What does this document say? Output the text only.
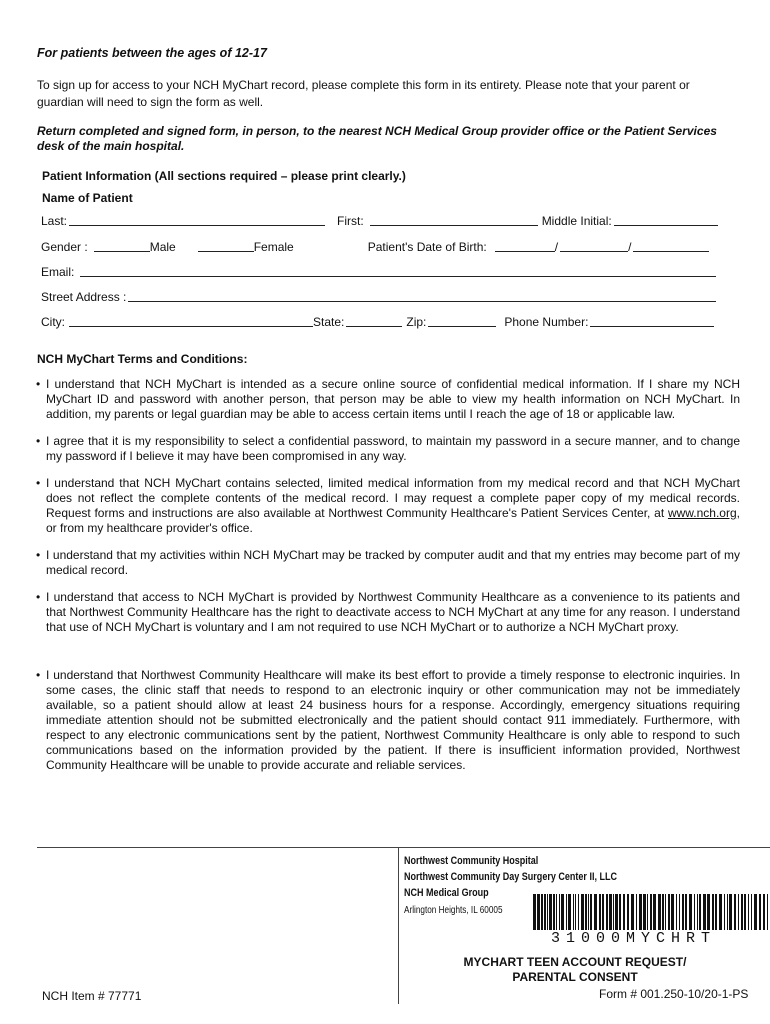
For patients between the ages of 12-17
To sign up for access to your NCH MyChart record, please complete this form in its entirety. Please note that your parent or guardian will need to sign the form as well.
Return completed and signed form, in person, to the nearest NCH Medical Group provider office or the Patient Services desk of the main hospital.
Patient Information (All sections required – please print clearly.)
Name of Patient
Last:	First:	Middle Initial:
Gender :	Male	Female	Patient's Date of Birth:	/	/
Email:
Street Address :
City:	State:	Zip:	Phone Number:
NCH MyChart Terms and Conditions:
• I understand that NCH MyChart is intended as a secure online source of confidential medical information. If I share my NCH MyChart ID and password with another person, that person may be able to view my health information on NCH MyChart. In addition, my parents or legal guardian may be able to access certain items until I reach the age of 18 or applicable law.
• I agree that it is my responsibility to select a confidential password, to maintain my password in a secure manner, and to change my password if I believe it may have been compromised in any way.
• I understand that NCH MyChart contains selected, limited medical information from my medical record and that NCH MyChart does not reflect the complete contents of the medical record. I may request a complete paper copy of my medical records. Request forms and instructions are also available at Northwest Community Healthcare's Patient Services Center, at www.nch.org, or from my healthcare provider's office.
• I understand that my activities within NCH MyChart may be tracked by computer audit and that my entries may become part of my medical record.
• I understand that access to NCH MyChart is provided by Northwest Community Healthcare as a convenience to its patients and that Northwest Community Healthcare has the right to deactivate access to NCH MyChart at any time for any reason. I understand that use of NCH MyChart is voluntary and I am not required to use NCH MyChart or to authorize a NCH MyChart proxy.
• I understand that Northwest Community Healthcare will make its best effort to provide a timely response to electronic inquiries. In some cases, the clinic staff that needs to respond to an electronic inquiry or other communication may not be immediately available, so a patient should allow at least 24 business hours for a response. Accordingly, emergency situations requiring immediate attention should not be submitted electronically and the patient should contact 911 immediately. Furthermore, with respect to any electronic communications sent by the patient, Northwest Community Healthcare is only able to respond to such communications based on the information provided by the patient. If there is insufficient information provided, Northwest Community Healthcare will be unable to provide accurate and reliable services.
Northwest Community Hospital
Northwest Community Day Surgery Center II, LLC
NCH Medical Group
Arlington Heights, IL 60005
31000MYCHRT
MYCHART TEEN ACCOUNT REQUEST/
PARENTAL CONSENT
NCH Item # 77771	Form # 001.250-10/20-1-PS
